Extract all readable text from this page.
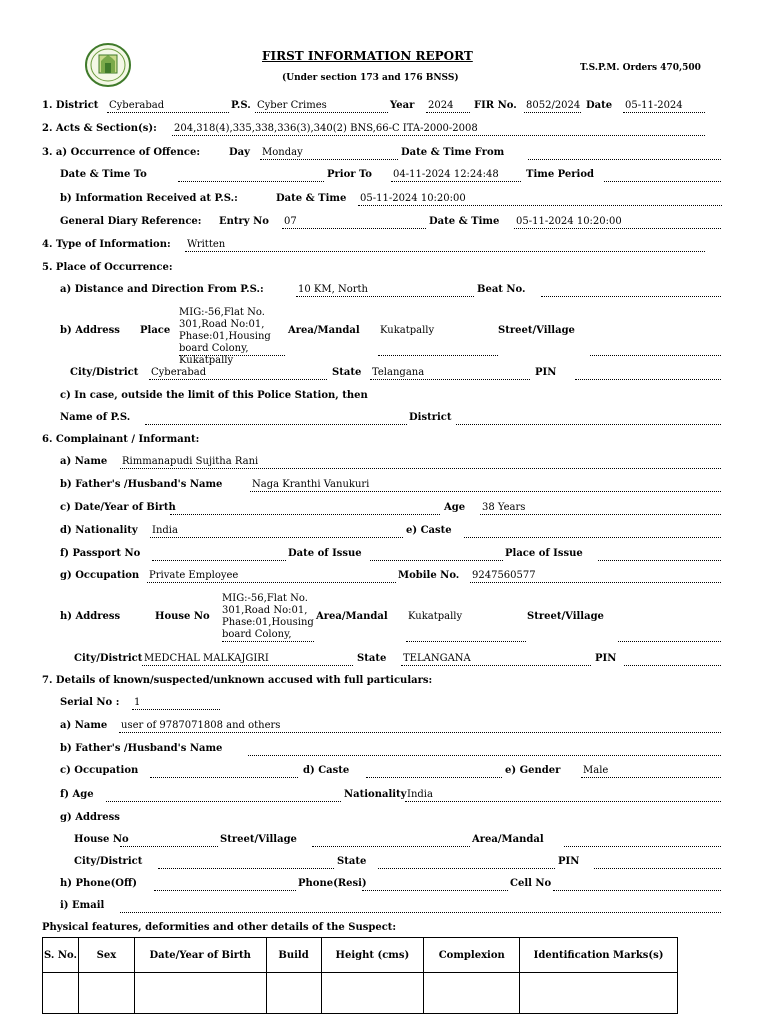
FIRST INFORMATION REPORT
(Under section 173 and 176 BNSS)
T.S.P.M. Orders 470,500
1. District Cyberabad	P.S. Cyber Crimes	Year 2024 FIR No. 8052/2024 Date 05-11-2024
2. Acts & Section(s): 204,318(4),335,338,336(3),340(2) BNS,66-C ITA-2000-2008
3. a) Occurrence of Offence:	Day Monday	Date & Time From
Date & Time To	Prior To 04-11-2024 12:24:48	Time Period
b) Information Received at P.S.:	Date & Time 05-11-2024 10:20:00
General Diary Reference: Entry No 07	Date & Time 05-11-2024 10:20:00
4. Type of Information: Written
5. Place of Occurrence:
a) Distance and Direction From P.S.:	10 KM, North	Beat No.
b) Address Place
MIG:-56,Flat No. 301,Road No:01, Phase:01,Housing board Colony, Kukatpally
Area/Mandal Kukatpally	Street/Village
City/District Cyberabad	State Telangana	PIN
c) In case, outside the limit of this Police Station, then
Name of P.S.	District
6. Complainant / Informant:
a) Name Rimmanapudi Sujitha Rani
b) Father's /Husband's Name	Naga Kranthi Vanukuri
c) Date/Year of Birth	Age 38 Years
d) Nationality India	e) Caste
f) Passport No	Date of Issue	Place of Issue
g) Occupation Private Employee	Mobile No. 9247560577
h) Address	House No
MIG:-56,Flat No. 301,Road No:01, Phase:01,Housing board Colony,
Area/Mandal Kukatpally	Street/Village
City/District MEDCHAL MALKAJGIRI	State TELANGANA	PIN
7. Details of known/suspected/unknown accused with full particulars:
Serial No : 1
a) Name user of 9787071808 and others
b) Father's /Husband's Name
c) Occupation	d) Caste	e) Gender Male
f) Age	Nationality India
g) Address
House No	Street/Village	Area/Mandal
City/District	State	PIN
h) Phone(Off)	Phone(Resi)	Cell No
i) Email
Physical features, deformities and other details of the Suspect:
S. No.	Sex	Date/Year of Birth	Build	Height (cms)	Complexion	Identification Marks(s)
